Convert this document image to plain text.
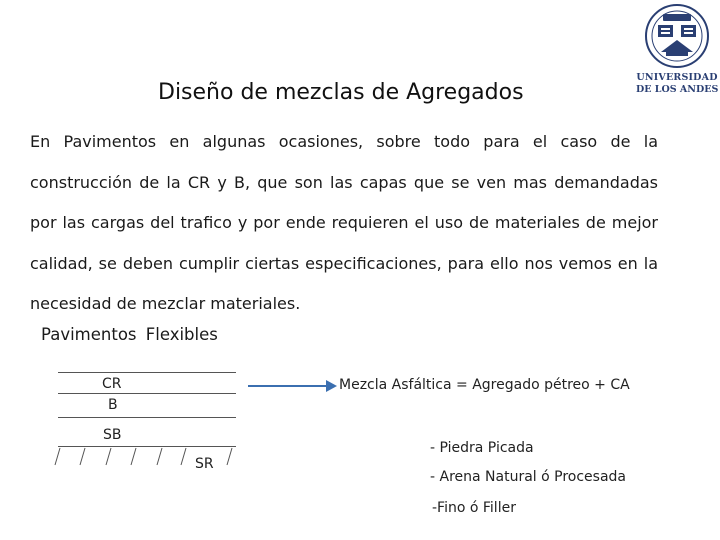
UNIVERSIDAD
DE LOS ANDES
Diseño de mezclas de Agregados
En Pavimentos en algunas ocasiones, sobre todo para el caso de la construcción de la CR y B, que son las capas que se ven mas demandadas por las cargas del trafico y por ende requieren el uso de materiales de mejor calidad, se deben cumplir ciertas especificaciones, para ello nos vemos en la necesidad de mezclar materiales.
Pavimentos Flexibles
CR
B
SB
SR
Mezcla Asfáltica = Agregado pétreo + CA
- Piedra Picada
- Arena Natural ó Procesada
-Fino ó Filler
